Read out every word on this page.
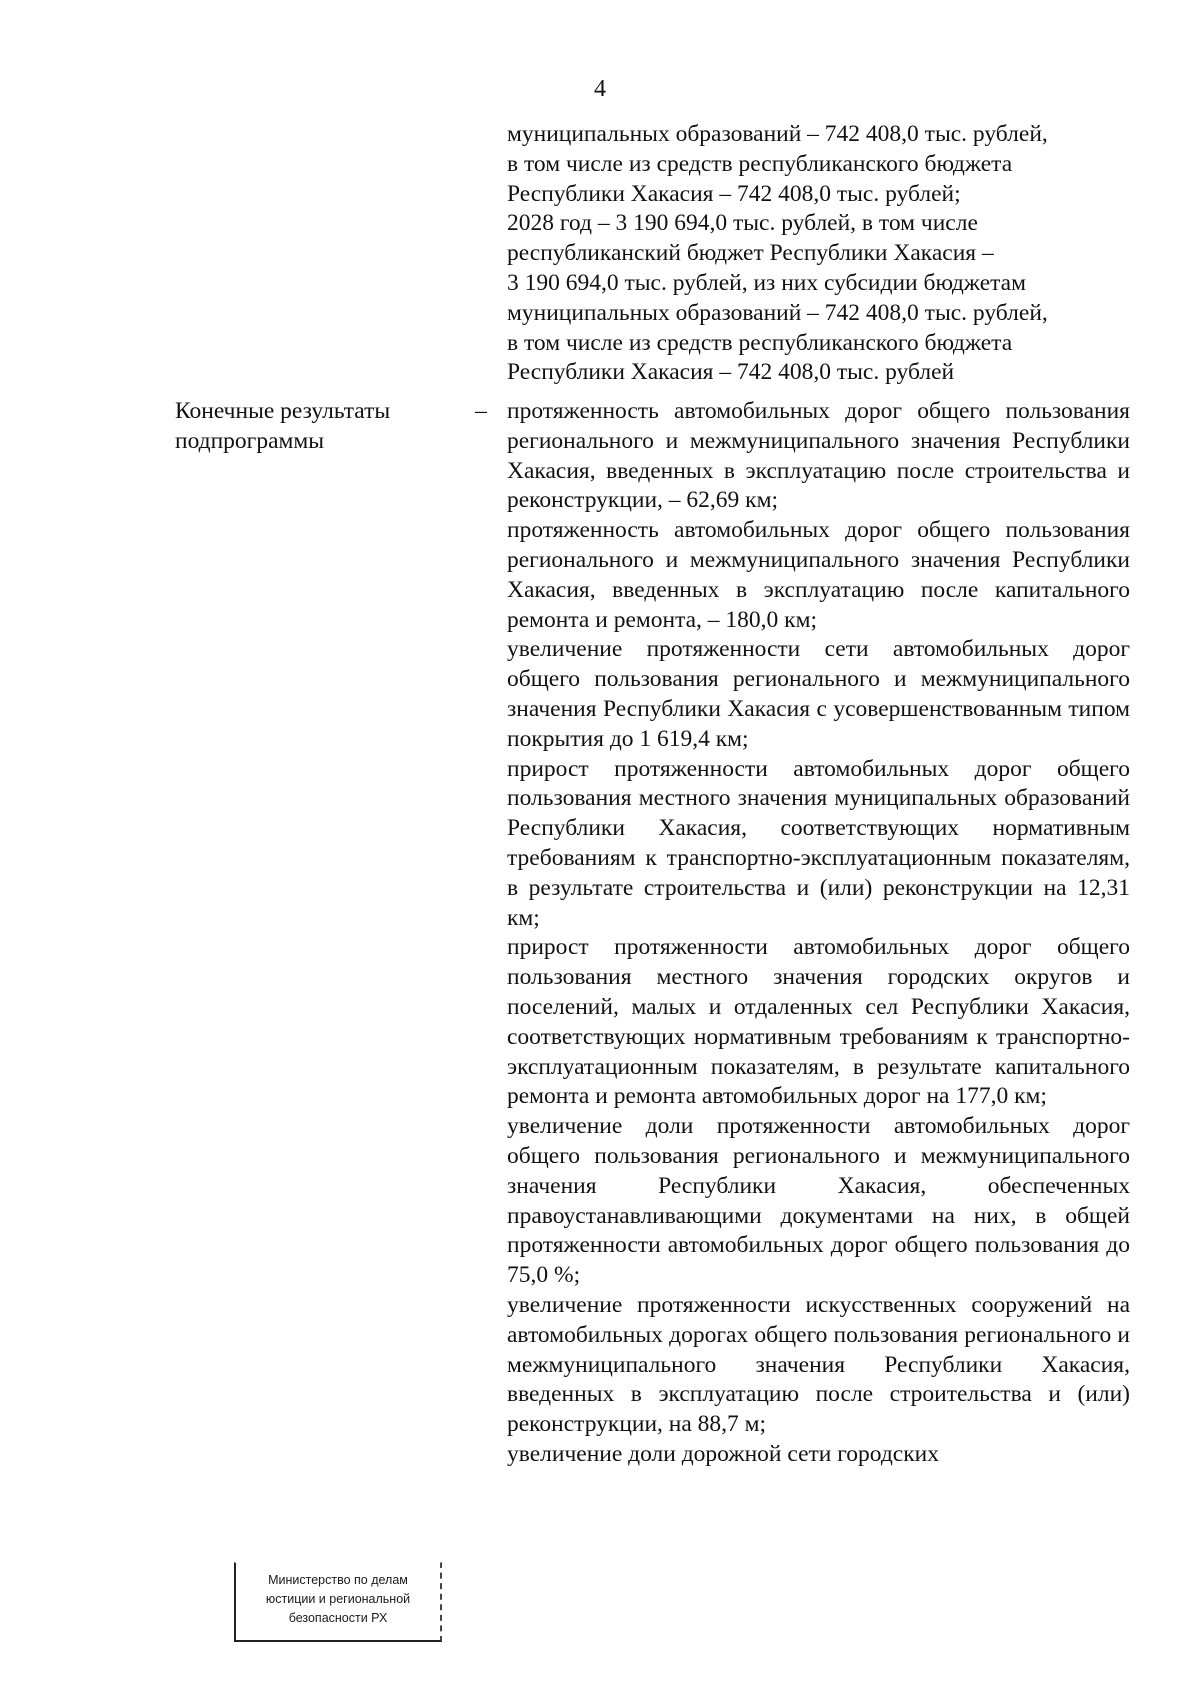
4

муниципальных образований – 742 408,0 тыс. рублей,

в том числе из средств республиканского бюджета

Республики Хакасия – 742 408,0 тыс. рублей;

2028 год – 3 190 694,0 тыс. рублей, в том числе

республиканский бюджет Республики Хакасия –

3 190 694,0 тыс. рублей, из них субсидии бюджетам

муниципальных образований – 742 408,0 тыс. рублей,

в том числе из средств республиканского бюджета

Республики Хакасия – 742 408,0 тыс. рублей

Конечные результаты подпрограммы
– протяженность автомобильных дорог общего пользования регионального и межмуниципального значения Республики Хакасия, введенных в эксплуатацию после строительства и реконструкции, – 62,69 км;

протяженность автомобильных дорог общего пользования регионального и межмуниципального значения Республики Хакасия, введенных в эксплуатацию после капитального ремонта и ремонта, – 180,0 км;

увеличение протяженности сети автомобильных дорог общего пользования регионального и межмуниципального значения Республики Хакасия с усовершенствованным типом покрытия до 1 619,4 км;

прирост протяженности автомобильных дорог общего пользования местного значения муниципальных образований Республики Хакасия, соответствующих нормативным требованиям к транспортно-эксплуатационным показателям, в результате строительства и (или) реконструкции на 12,31 км;

прирост протяженности автомобильных дорог общего пользования местного значения городских округов и поселений, малых и отдаленных сел Республики Хакасия, соответствующих нормативным требованиям к транспортно-эксплуатационным показателям, в результате капитального ремонта и ремонта автомобильных дорог на 177,0 км;

увеличение доли протяженности автомобильных дорог общего пользования регионального и межмуниципального значения Республики Хакасия, обеспеченных правоустанавливающими документами на них, в общей протяженности автомобильных дорог общего пользования до 75,0 %;

увеличение протяженности искусственных сооружений на автомобильных дорогах общего пользования регионального и межмуниципального значения Республики Хакасия, введенных в эксплуатацию после строительства и (или) реконструкции, на 88,7 м;

увеличение доли дорожной сети городских

Министерство по делам
юстиции и региональной
безопасности РХ
